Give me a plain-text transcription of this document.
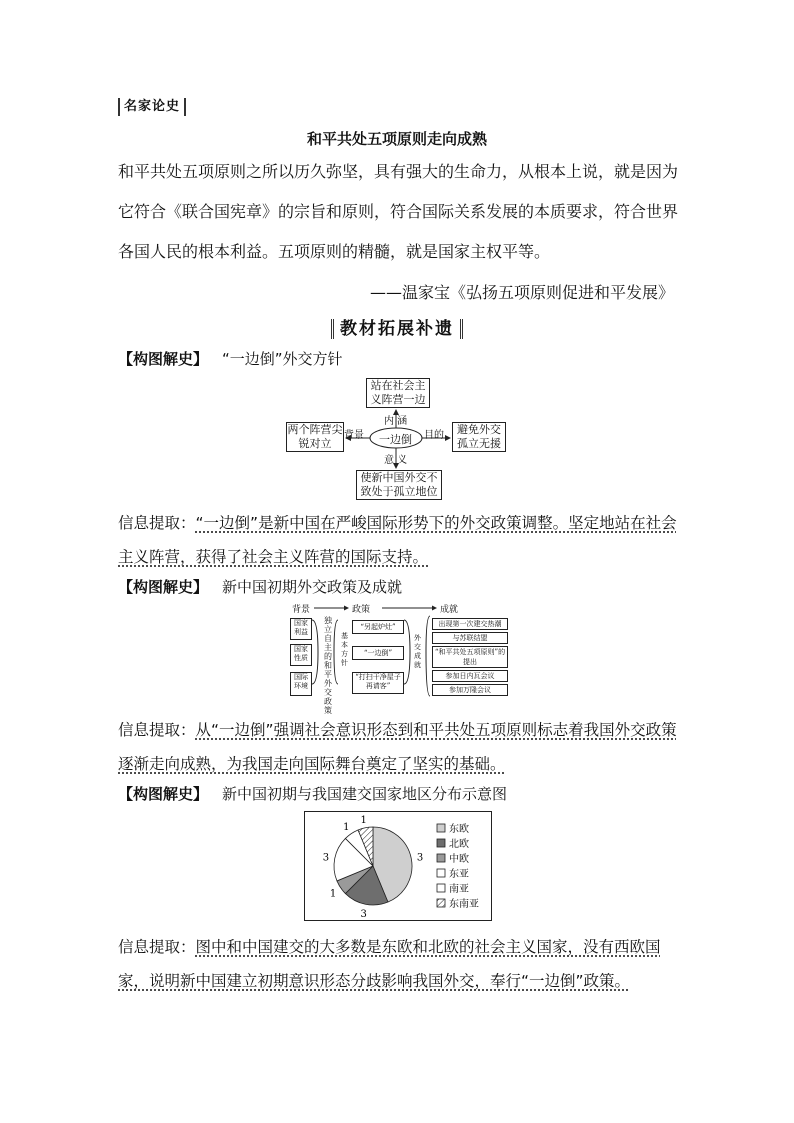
名家论史
和平共处五项原则走向成熟
和平共处五项原则之所以历久弥坚，具有强大的生命力，从根本上说，就是因为
它符合《联合国宪章》的宗旨和原则，符合国际关系发展的本质要求，符合世界
各国人民的根本利益。五项原则的精髓，就是国家主权平等。
——温家宝《弘扬五项原则促进和平发展》
教材拓展补遗
【构图解史】 “一边倒”外交方针
站在社会主义阵营一边
内 涵
两个阵营尖锐对立
背景 一边倒 目的	避免外交孤立无援
意 义
使新中国外交不致处于孤立地位
信息提取：“一边倒”是新中国在严峻国际形势下的外交政策调整。坚定地站在社会主义阵营，获得了社会主义阵营的国际支持。
【构图解史】 新中国初期外交政策及成就
背景	政策	成就
国家利益
国家性质
国际环境
独立自主的和平外交政策
基本方针
“另起炉灶”
“一边倒”
“打扫干净屋子再请客”
外交成就
出现第一次建交热潮
与苏联结盟
“和平共处五项原则”的提出
参加日内瓦会议
参加万隆会议
信息提取：从“一边倒”强调社会意识形态到和平共处五项原则标志着我国外交政策逐渐走向成熟，为我国走向国际舞台奠定了坚实的基础。
【构图解史】 新中国初期与我国建交国家地区分布示意图
3
3
1
3
1
1
东欧
北欧
中欧
东亚
南亚
东南亚
信息提取：图中和中国建交的大多数是东欧和北欧的社会主义国家，没有西欧国家，说明新中国建立初期意识形态分歧影响我国外交，奉行“一边倒”政策。
